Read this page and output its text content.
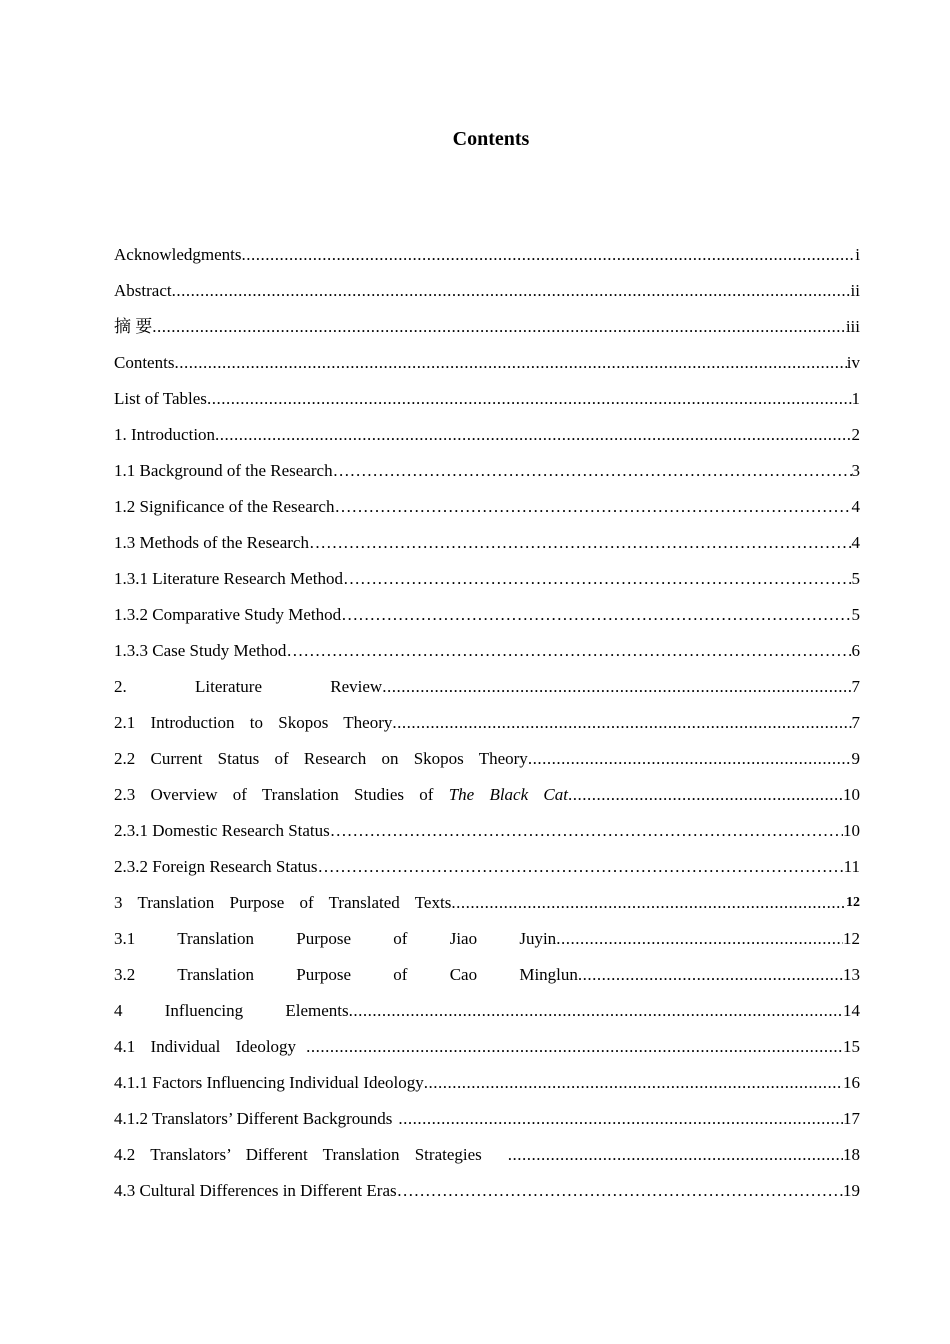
Contents
Acknowledgments .....	i
Abstract .....	ii
摘 要 .....	iii
Contents .....	iv
List of Tables .....	1
1. Introduction .....	2
1.1 Background of the Research ………………………………………………………………………………………………………………………………………………………………………………………	3
1.2 Significance of the Research ………………………………………………………………………………………………………………………………………………………………………………………	4
1.3 Methods of the Research ………………………………………………………………………………………………………………………………………………………………………………………	4
1.3.1 Literature Research Method ………………………………………………………………………………………………………………………………………………………………………………………	5
1.3.2 Comparative Study Method ………………………………………………………………………………………………………………………………………………………………………………………	5
1.3.3 Case Study Method ………………………………………………………………………………………………………………………………………………………………………………………	6
2. Literature Review .....	7
2.1 Introduction to Skopos Theory .....	7
2.2 Current Status of Research on Skopos Theory .....	9
2.3 Overview of Translation Studies of The Black Cat .....	10
2.3.1 Domestic Research Status ………………………………………………………………………………………………………………………………………………………………………………………	10
2.3.2 Foreign Research Status ………………………………………………………………………………………………………………………………………………………………………………………	11
3 Translation Purpose of Translated Texts .....	12
3.1 Translation Purpose of Jiao Juyin .....	12
3.2 Translation Purpose of Cao Minglun .....	13
4 Influencing Elements .....	14
4.1 Individual Ideology .....	15
4.1.1 Factors Influencing Individual Ideology .....	16
4.1.2 Translators’ Different Backgrounds .....	17
4.2 Translators’ Different Translation Strategies .....	18
4.3 Cultural Differences in Different Eras ………………………………………………………………………………………………………………………………………………………………………………………	19
